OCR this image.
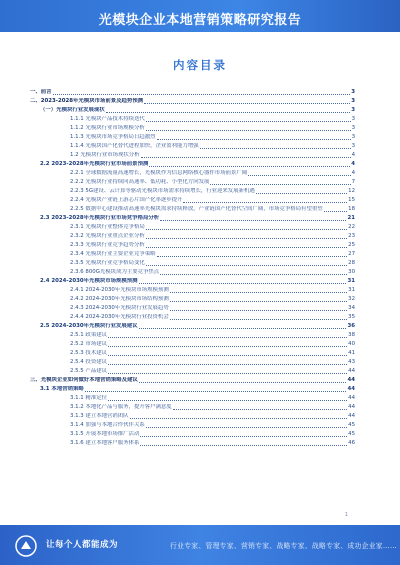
光模块企业本地营销策略研究报告
内容目录
一、前言	3
二、2023-2028年光模块市场前景及趋势预测	3
（一）光模块行业发展现状	3
1.1.1 光模块产品技术持续迭代	3
1.1.2 光模块行业市场规模分析	3
1.1.3 光模块市场竞争格局日趋激烈	3
1.1.4 光模块国产化替代进程加快，企业盈利能力增强	3
1.2 光模块行业市场现状分析	4
2.2 2023-2028年光模块行业市场前景预测	4
2.2.1 全球数据流量高速增长，光模块作为信息网络核心器件市场前景广阔	4
2.2.2 光模块行业持续向高速率、低功耗、小型化方向发展	7
2.2.3 5G建设、云计算等驱动光模块市场需求持续增长，行业迎来发展新机遇	12
2.2.4 光模块产业链上游芯片国产化率逐步提升	15
2.2.5 数据中心建设推动高速率光模块需求持续释放，产业链国产化替代空间广阔，市场竞争格局有望重塑	18
2.3 2023-2028年光模块行业市场竞争格局分析	21
2.3.1 光模块行业整体竞争格局	22
2.3.2 光模块行业重点企业分析	23
2.3.3 光模块行业竞争趋势分析	25
2.3.4 光模块行业主要企业竞争策略	27
2.3.5 光模块行业竞争格局变化	28
2.3.6 800G光模块成为主要竞争焦点	30
2.4 2024-2030年光模块市场规模预测	31
2.4.1 2024-2030年光模块市场规模预测	31
2.4.2 2024-2030年光模块市场结构预测	32
2.4.3 2024-2030年光模块行业发展趋势	34
2.4.4 2024-2030年光模块行业投资机会	35
2.5 2024-2030年光模块行业发展建议	36
2.5.1 政策建议	38
2.5.2 市场建议	40
2.5.3 技术建议	41
2.5.4 投资建议	43
2.5.5 产品建议	44
三、光模块企业如何做好本地营销策略及建议	44
3.1 本地营销策略	44
3.1.1 精准定位	44
3.1.2 本地化产品与服务，提升客户满意度	44
3.1.3 建立本地营销团队	44
3.1.4 加强与本地合作伙伴关系	45
3.1.5 开展本地市场推广活动	45
3.1.6 建立本地客户服务体系	46
1
让每个人都能成为	行业专家、管理专家、营销专家、战略专家、战略专家、成功企业家……
